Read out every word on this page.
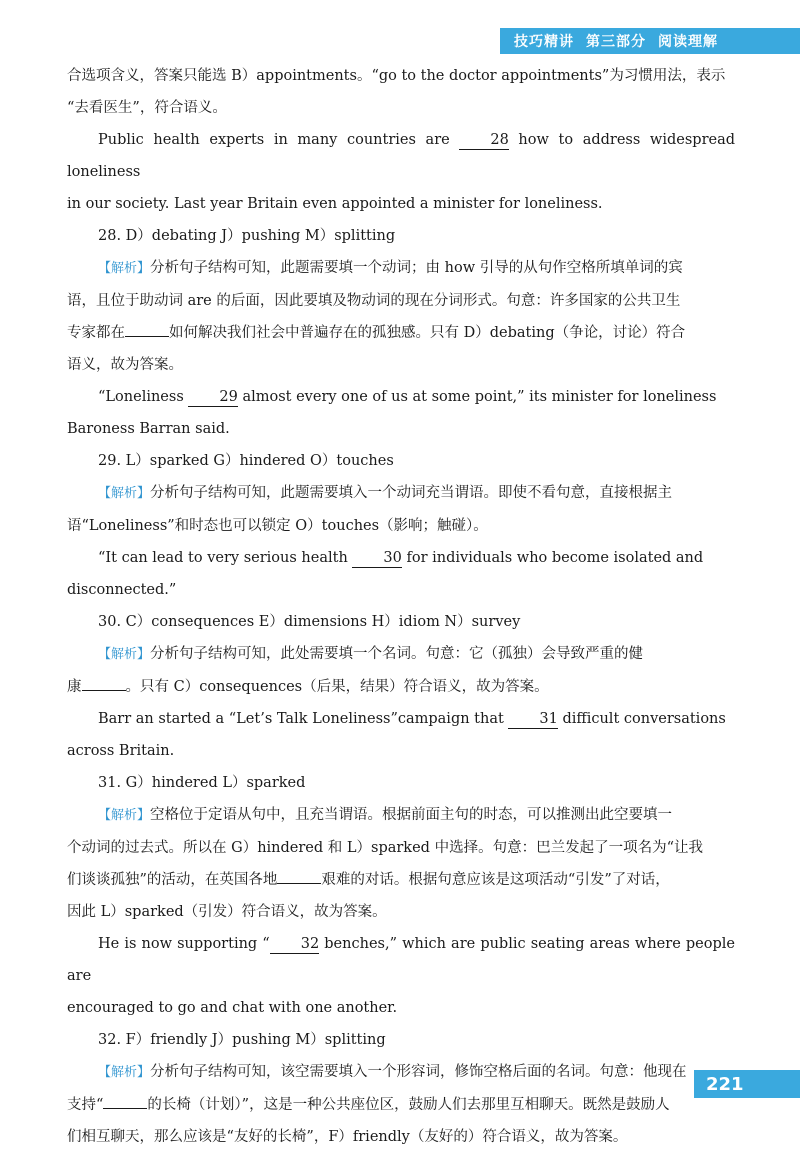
技巧精讲 第三部分 阅读理解

合选项含义，答案只能选 B）appointments。“go to the doctor appointments”为习惯用法，表示

“去看医生”，符合语义。

Public health experts in many countries are	28 how to address widespread loneliness

in our society. Last year Britain even appointed a minister for loneliness.

28. D）debating J）pushing M）splitting

【解析】分析句子结构可知，此题需要填一个动词；由 how 引导的从句作空格所填单词的宾

语，且位于助动词 are 的后面，因此要填及物动词的现在分词形式。句意：许多国家的公共卫生

专家都在	如何解决我们社会中普遍存在的孤独感。只有 D）debating（争论，讨论）符合

语义，故为答案。

“Loneliness 29 almost every one of us at some point,” its minister for loneliness

Baroness Barran said.

29. L）sparked G）hindered O）touches

【解析】分析句子结构可知，此题需要填入一个动词充当谓语。即使不看句意，直接根据主

语“Loneliness”和时态也可以锁定 O）touches（影响；触碰）。

“It can lead to very serious health 30 for individuals who become isolated and

disconnected.”

30. C）consequences E）dimensions H）idiom N）survey

【解析】分析句子结构可知，此处需要填一个名词。句意：它（孤独）会导致严重的健

康	。只有 C）consequences（后果，结果）符合语义，故为答案。

Barr an started a “Let’s Talk Loneliness”campaign that 31 difficult conversations

across Britain.

31. G）hindered L）sparked

【解析】空格位于定语从句中，且充当谓语。根据前面主句的时态，可以推测出此空要填一

个动词的过去式。所以在 G）hindered 和 L）sparked 中选择。句意：巴兰发起了一项名为“让我

们谈谈孤独”的活动，在英国各地	艰难的对话。根据句意应该是这项活动“引发”了对话，

因此 L）sparked（引发）符合语义，故为答案。

He is now supporting “ 32 benches,” which are public seating areas where people are

encouraged to go and chat with one another.

32. F）friendly J）pushing M）splitting

【解析】分析句子结构可知，该空需要填入一个形容词，修饰空格后面的名词。句意：他现在

支持“	的长椅（计划）”，这是一种公共座位区，鼓励人们去那里互相聊天。既然是鼓励人

们相互聊天，那么应该是“友好的长椅”，F）friendly（友好的）符合语义，故为答案。

221
